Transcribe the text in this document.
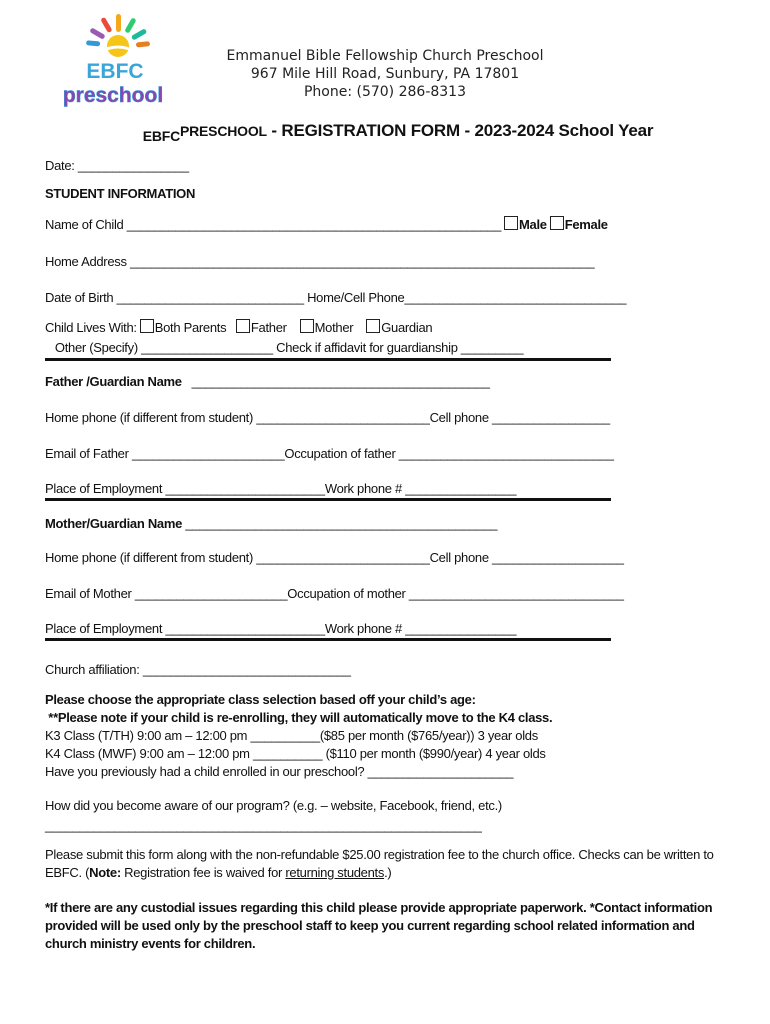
EBFC
preschool
Emmanuel Bible Fellowship Church Preschool
967 Mile Hill Road, Sunbury, PA 17801
Phone: (570) 286-8313
EBFCPRESCHOOL - REGISTRATION FORM - 2023-2024 School Year
Date: ________________
STUDENT INFORMATION
Name of Child ______________________________________________________ Male Female
Home Address ___________________________________________________________________
Date of Birth ___________________________ Home/Cell Phone________________________________
Child Lives With: Both Parents Father Mother Guardian
Other (Specify) ___________________ Check if affidavit for guardianship _________
Father /Guardian Name   ___________________________________________
Home phone (if different from student) _________________________Cell phone _________________
Email of Father ______________________Occupation of father _______________________________
Place of Employment _______________________Work phone # ________________
Mother/Guardian Name _____________________________________________
Home phone (if different from student) _________________________Cell phone ___________________
Email of Mother ______________________Occupation of mother _______________________________
Place of Employment _______________________Work phone # ________________
Church affiliation: ______________________________
Please choose the appropriate class selection based off your child’s age:
**Please note if your child is re-enrolling, they will automatically move to the K4 class.
K3 Class (T/TH) 9:00 am – 12:00 pm __________($85 per month ($765/year)) 3 year olds
K4 Class (MWF) 9:00 am – 12:00 pm __________ ($110 per month ($990/year) 4 year olds
Have you previously had a child enrolled in our preschool? _____________________
How did you become aware of our program? (e.g. – website, Facebook, friend, etc.)
_______________________________________________________________
Please submit this form along with the non-refundable $25.00 registration fee to the church office. Checks can be written to
EBFC. (Note: Registration fee is waived for returning students.)
*If there are any custodial issues regarding this child please provide appropriate paperwork. *Contact information
provided will be used only by the preschool staff to keep you current regarding school related information and
church ministry events for children.
